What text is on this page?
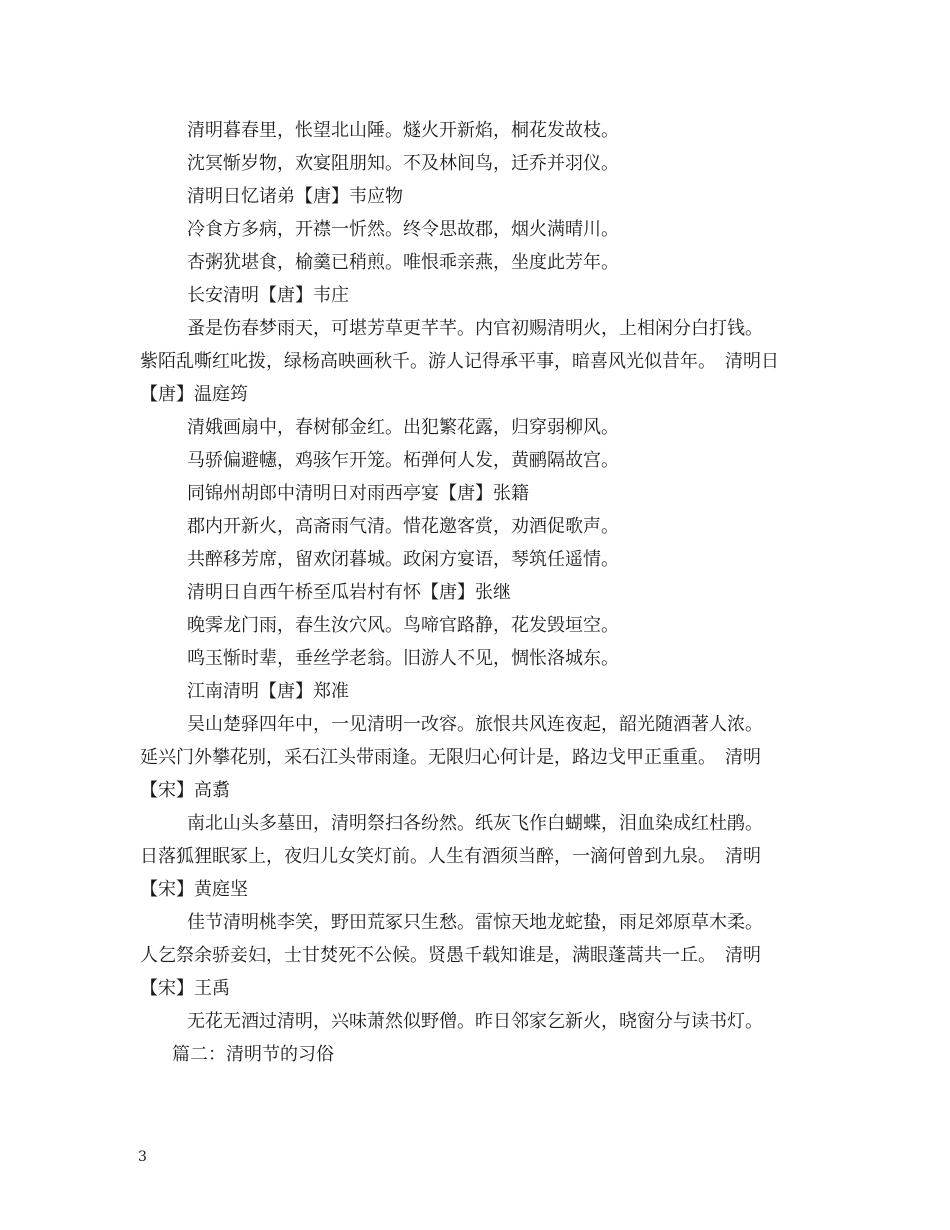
清明暮春里，怅望北山陲。燧火开新焰，桐花发故枝。
沈冥惭岁物，欢宴阻朋知。不及林间鸟，迁乔并羽仪。
清明日忆诸弟【唐】韦应物
冷食方多病，开襟一忻然。终令思故郡，烟火满晴川。
杏粥犹堪食，榆羹已稍煎。唯恨乖亲燕，坐度此芳年。
长安清明【唐】韦庄
蚤是伤春梦雨天，可堪芳草更芊芊。内官初赐清明火，上相闲分白打钱。
紫陌乱嘶红叱拨，绿杨高映画秋千。游人记得承平事，暗喜风光似昔年。　清明日
【唐】温庭筠
清娥画扇中，春树郁金红。出犯繁花露，归穿弱柳风。
马骄偏避幰，鸡骇乍开笼。柘弹何人发，黄鹂隔故宫。
同锦州胡郎中清明日对雨西亭宴【唐】张籍
郡内开新火，高斋雨气清。惜花邀客赏，劝酒促歌声。
共醉移芳席，留欢闭暮城。政闲方宴语，琴筑任遥情。
清明日自西午桥至瓜岩村有怀【唐】张继
晚霁龙门雨，春生汝穴风。鸟啼官路静，花发毁垣空。
鸣玉惭时辈，垂丝学老翁。旧游人不见，惆怅洛城东。
江南清明【唐】郑准
吴山楚驿四年中，一见清明一改容。旅恨共风连夜起，韶光随酒著人浓。
延兴门外攀花别，采石江头带雨逢。无限归心何计是，路边戈甲正重重。　清明
【宋】高翥
南北山头多墓田，清明祭扫各纷然。纸灰飞作白蝴蝶，泪血染成红杜鹃。
日落狐狸眠冢上，夜归儿女笑灯前。人生有酒须当醉，一滴何曾到九泉。　清明
【宋】黄庭坚
佳节清明桃李笑，野田荒冢只生愁。雷惊天地龙蛇蛰，雨足郊原草木柔。
人乞祭余骄妾妇，士甘焚死不公候。贤愚千载知谁是，满眼蓬蒿共一丘。　清明
【宋】王禹
无花无酒过清明，兴味萧然似野僧。昨日邻家乞新火，晓窗分与读书灯。
篇二：清明节的习俗
3
